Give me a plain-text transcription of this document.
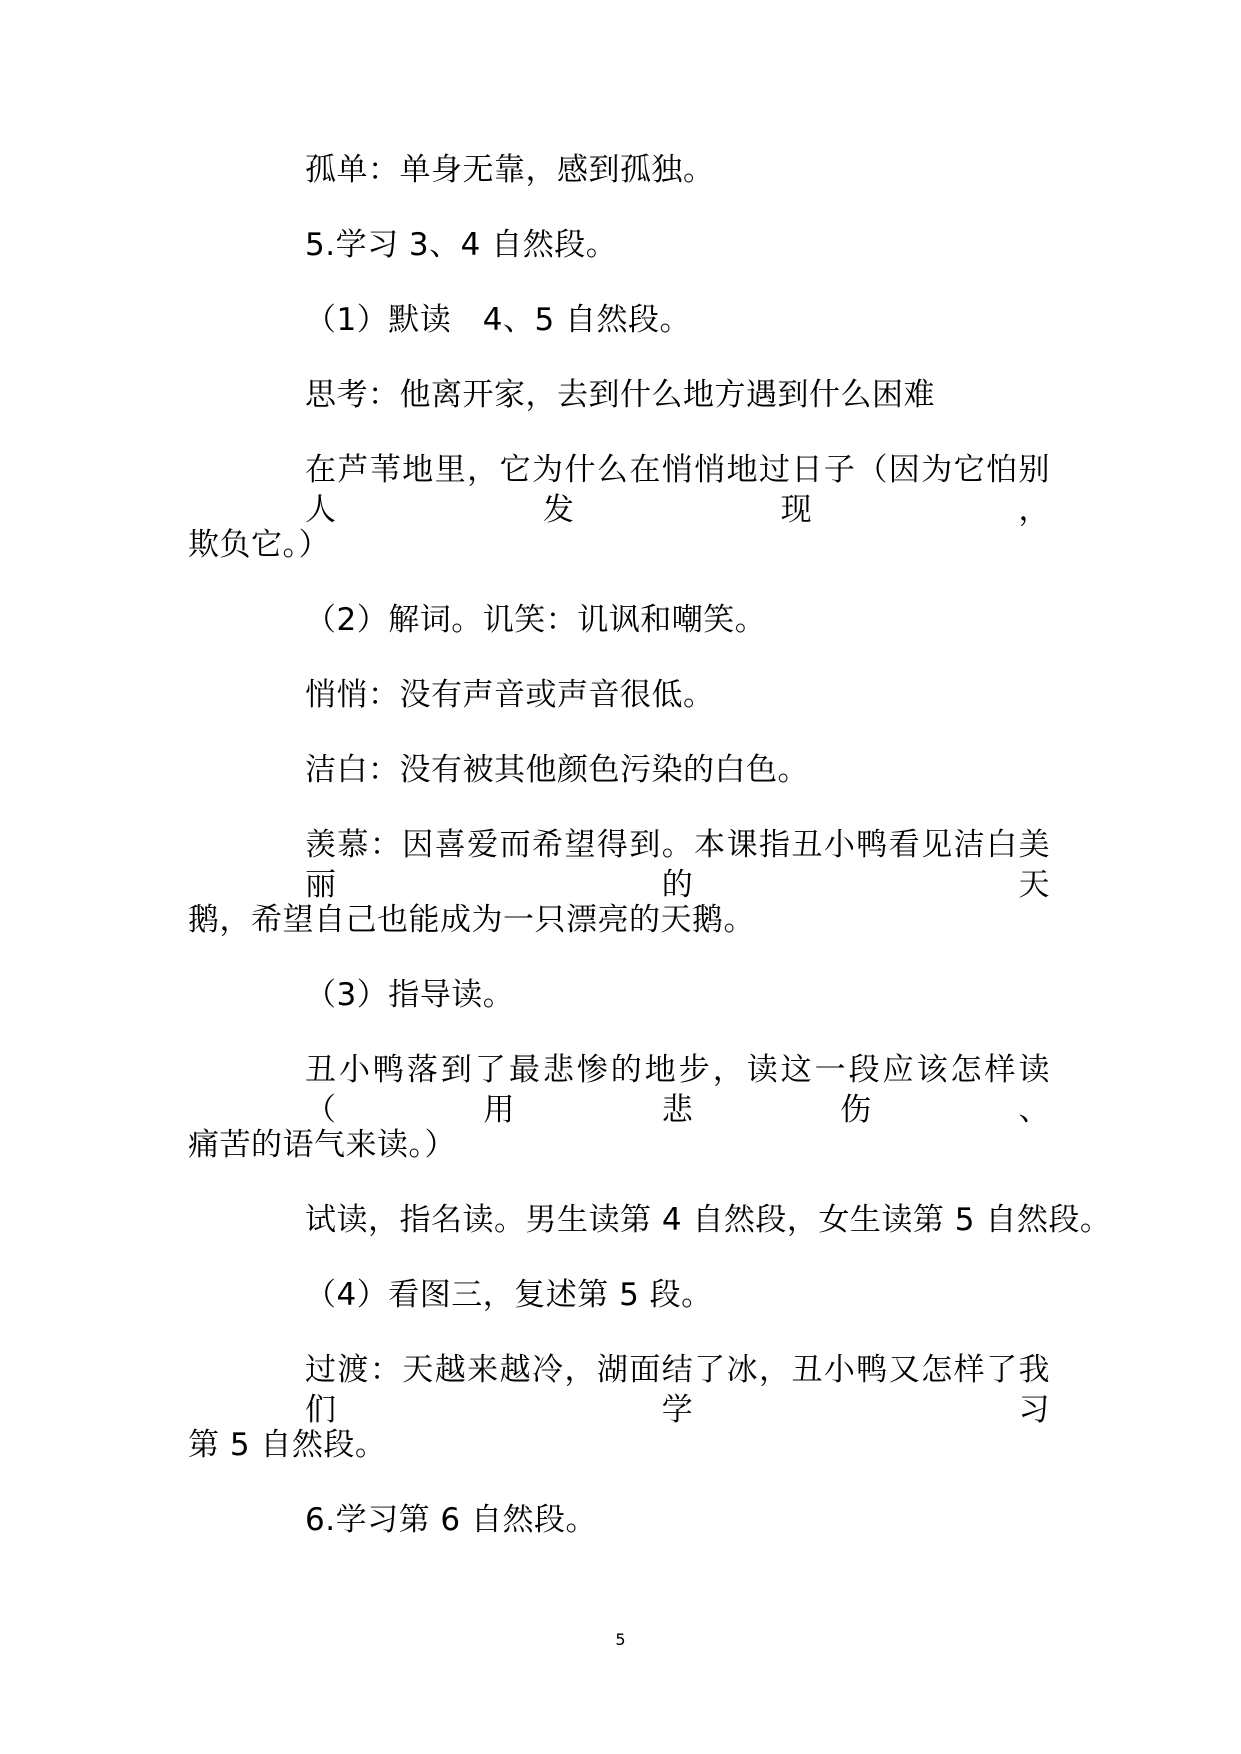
孤单：单身无靠，感到孤独。
5.学习 3、4 自然段。
（1）默读　4、5 自然段。
思考：他离开家，去到什么地方遇到什么困难
在芦苇地里，它为什么在悄悄地过日子（因为它怕别人发现，
欺负它。）
（2）解词。讥笑：讥讽和嘲笑。
悄悄：没有声音或声音很低。
洁白：没有被其他颜色污染的白色。
羡慕：因喜爱而希望得到。本课指丑小鸭看见洁白美丽的天
鹅，希望自己也能成为一只漂亮的天鹅。
（3）指导读。
丑小鸭落到了最悲惨的地步，读这一段应该怎样读（用悲伤、
痛苦的语气来读。）
试读，指名读。男生读第 4 自然段，女生读第 5 自然段。
（4）看图三，复述第 5 段。
过渡：天越来越冷，湖面结了冰，丑小鸭又怎样了我们学习
第 5 自然段。
6.学习第 6 自然段。
5
